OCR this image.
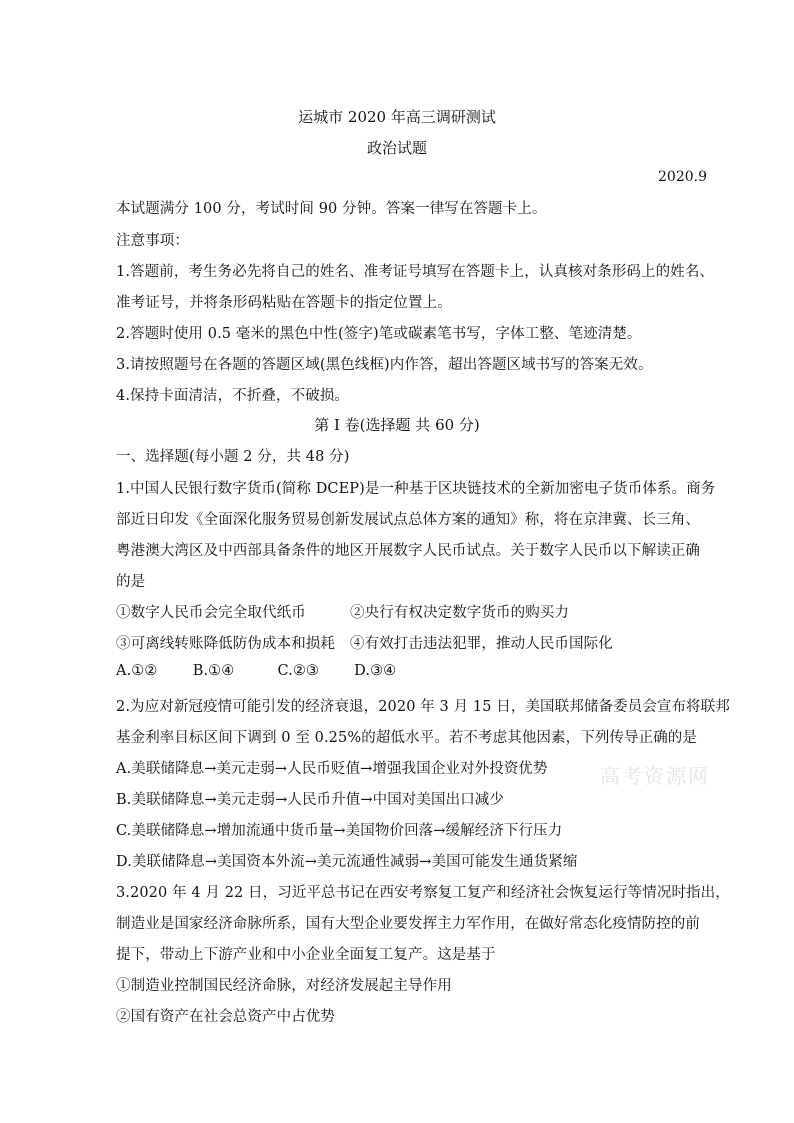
运城市 2020 年高三调研测试
政治试题
2020.9
本试题满分 100 分，考试时间 90 分钟。答案一律写在答题卡上。
注意事项：
1.答题前，考生务必先将自己的姓名、准考证号填写在答题卡上，认真核对条形码上的姓名、
准考证号，并将条形码粘贴在答题卡的指定位置上。
2.答题时使用 0.5 毫米的黑色中性(签字)笔或碳素笔书写，字体工整、笔迹清楚。
3.请按照题号在各题的答题区域(黑色线框)内作答，超出答题区域书写的答案无效。
4.保持卡面清洁，不折叠，不破损。
第 I 卷(选择题 共 60 分)
一、选择题(每小题 2 分，共 48 分)
1.中国人民银行数字货币(简称 DCEP)是一种基于区块链技术的全新加密电子货币体系。商务
部近日印发《全面深化服务贸易创新发展试点总体方案的通知》称，将在京津冀、长三角、
粤港澳大湾区及中西部具备条件的地区开展数字人民币试点。关于数字人民币以下解读正确
的是
①数字人民币会完全取代纸币	②央行有权决定数字货币的购买力
③可离线转账降低防伪成本和损耗 ④有效打击违法犯罪，推动人民币国际化
A.①② B.①④	C.②③ D.③④
2.为应对新冠疫情可能引发的经济衰退，2020 年 3 月 15 日，美国联邦储备委员会宣布将联邦
基金利率目标区间下调到 0 至 0.25%的超低水平。若不考虑其他因素，下列传导正确的是
A.美联储降息→美元走弱→人民币贬值→增强我国企业对外投资优势
B.美联储降息→美元走弱→人民币升值→中国对美国出口减少
C.美联储降息→增加流通中货币量→美国物价回落→缓解经济下行压力
D.美联储降息→美国资本外流→美元流通性减弱→美国可能发生通货紧缩
3.2020 年 4 月 22 日，习近平总书记在西安考察复工复产和经济社会恢复运行等情况时指出，
制造业是国家经济命脉所系，国有大型企业要发挥主力军作用，在做好常态化疫情防控的前
提下，带动上下游产业和中小企业全面复工复产。这是基于
①制造业控制国民经济命脉，对经济发展起主导作用
②国有资产在社会总资产中占优势
高考资源网
